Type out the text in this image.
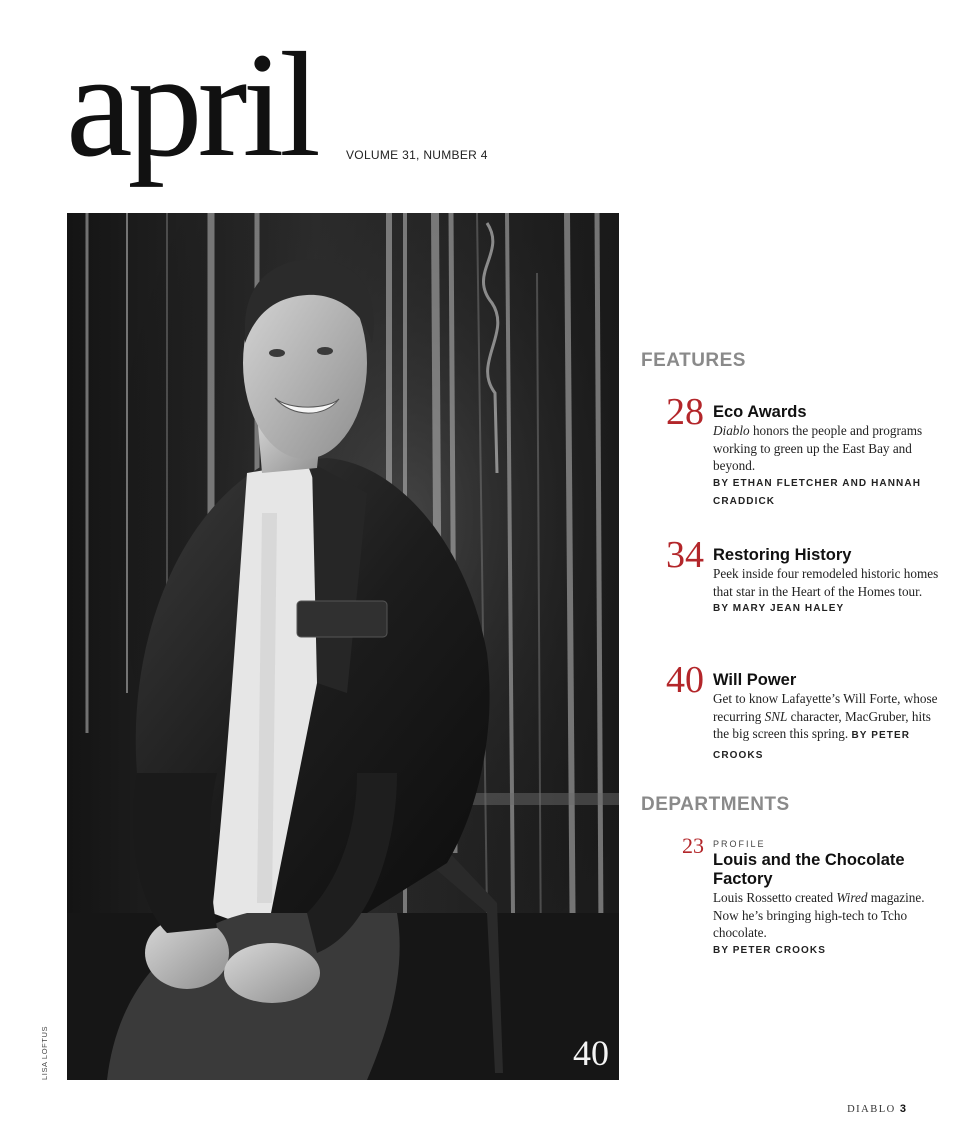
april	VOLUME 31, NUMBER 4
40
LISA LOFTUS
FEATURES
28 Eco Awards
Diablo honors the people and programs working to green up the East Bay and beyond.
BY ETHAN FLETCHER AND HANNAH CRADDICK
34 Restoring History
Peek inside four remodeled historic homes that star in the Heart of the Homes tour.
BY MARY JEAN HALEY
40 Will Power
Get to know Lafayette’s Will Forte, whose recurring SNL character, MacGruber, hits the big screen this spring. BY PETER CROOKS
DEPARTMENTS
23 PROFILE
Louis and the Chocolate Factory
Louis Rossetto created Wired magazine. Now he’s bringing high-tech to Tcho chocolate.
BY PETER CROOKS
DIABLO 3
